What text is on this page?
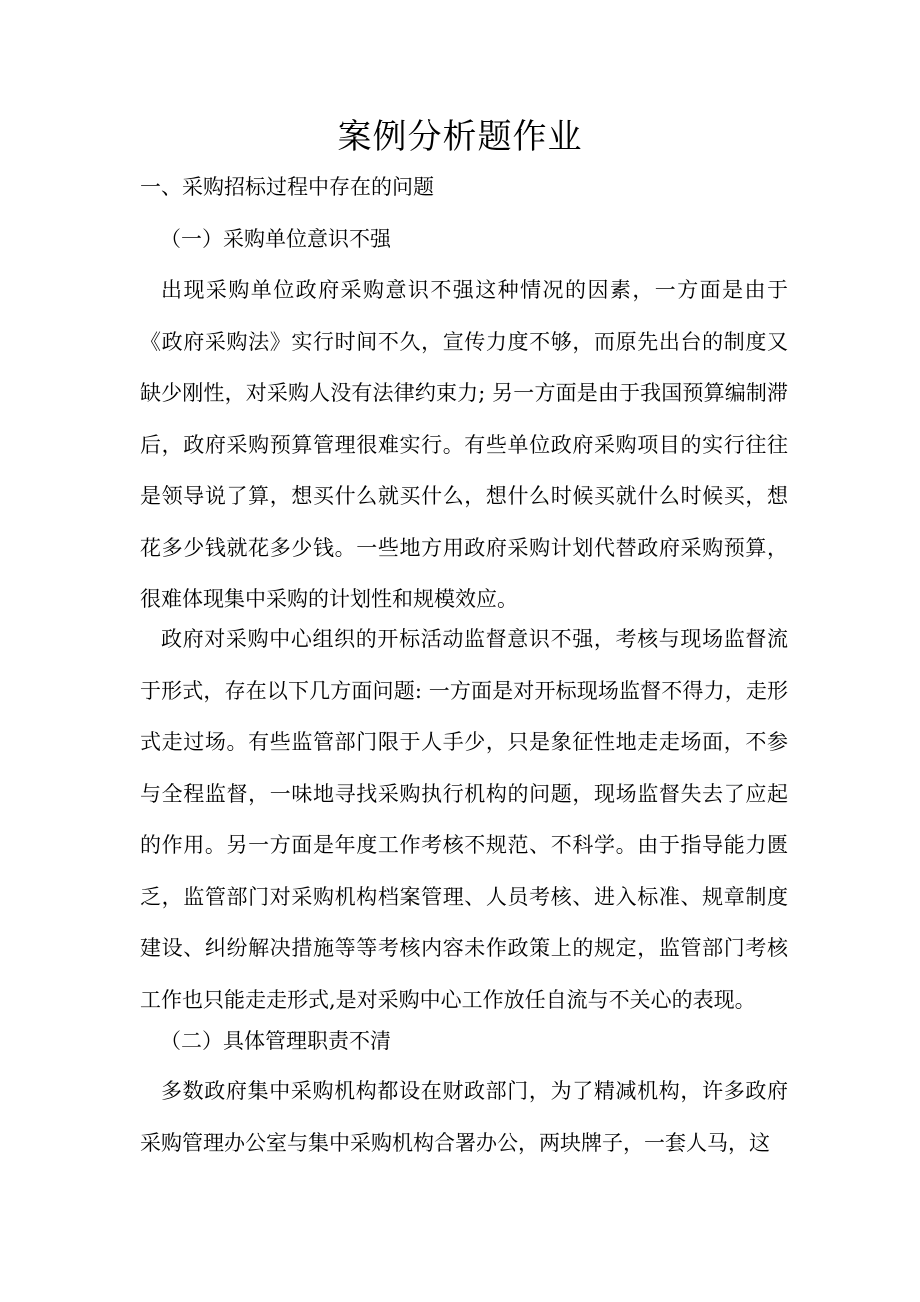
案例分析题作业
一、采购招标过程中存在的问题
（一）采购单位意识不强

出现采购单位政府采购意识不强这种情况的因素，一方面是由于《政府采购法》实行时间不久，宣传力度不够，而原先出台的制度又缺少刚性，对采购人没有法律约束力; 另一方面是由于我国预算编制滞后，政府采购预算管理很难实行。有些单位政府采购项目的实行往往是领导说了算，想买什么就买什么，想什么时候买就什么时候买，想花多少钱就花多少钱。一些地方用政府采购计划代替政府采购预算，很难体现集中采购的计划性和规模效应。

政府对采购中心组织的开标活动监督意识不强，考核与现场监督流于形式，存在以下几方面问题: 一方面是对开标现场监督不得力，走形式走过场。有些监管部门限于人手少，只是象征性地走走场面，不参与全程监督，一味地寻找采购执行机构的问题，现场监督失去了应起的作用。另一方面是年度工作考核不规范、不科学。由于指导能力匮乏，监管部门对采购机构档案管理、人员考核、进入标准、规章制度建设、纠纷解决措施等等考核内容未作政策上的规定，监管部门考核工作也只能走走形式,是对采购中心工作放任自流与不关心的表现。

（二）具体管理职责不清

多数政府集中采购机构都设在财政部门，为了精减机构，许多政府采购管理办公室与集中采购机构合署办公，两块牌子，一套人马，这
